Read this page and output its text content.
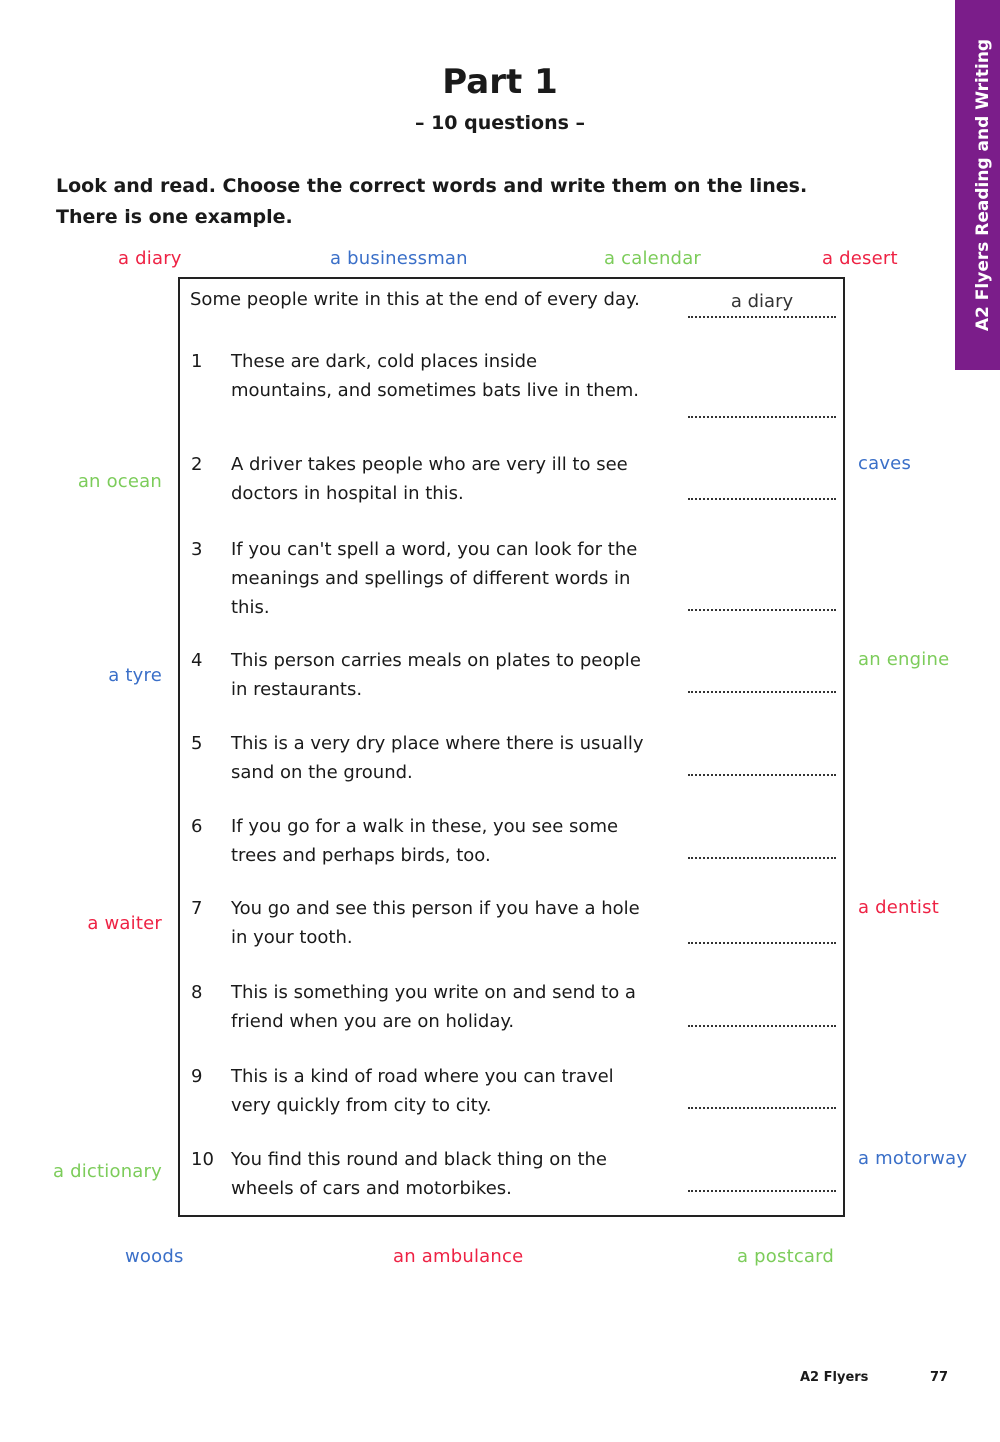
A2 Flyers Reading and Writing
Part 1
– 10 questions –
Look and read. Choose the correct words and write them on the lines.
There is one example.
a diary	a businessman	a calendar	a desert
an ocean
a tyre
a waiter
a dictionary
caves
an engine
a dentist
a motorway
woods	an ambulance	a postcard
Some people write in this at the end of every day.	a diary
1 These are dark, cold places inside
mountains, and sometimes bats live in them.
2 A driver takes people who are very ill to see
doctors in hospital in this.
3 If you can't spell a word, you can look for the
meanings and spellings of different words in
this.
4 This person carries meals on plates to people
in restaurants.
5 This is a very dry place where there is usually
sand on the ground.
6 If you go for a walk in these, you see some
trees and perhaps birds, too.
7 You go and see this person if you have a hole
in your tooth.
8 This is something you write on and send to a
friend when you are on holiday.
9 This is a kind of road where you can travel
very quickly from city to city.
10 You find this round and black thing on the
wheels of cars and motorbikes.
A2 Flyers	77
